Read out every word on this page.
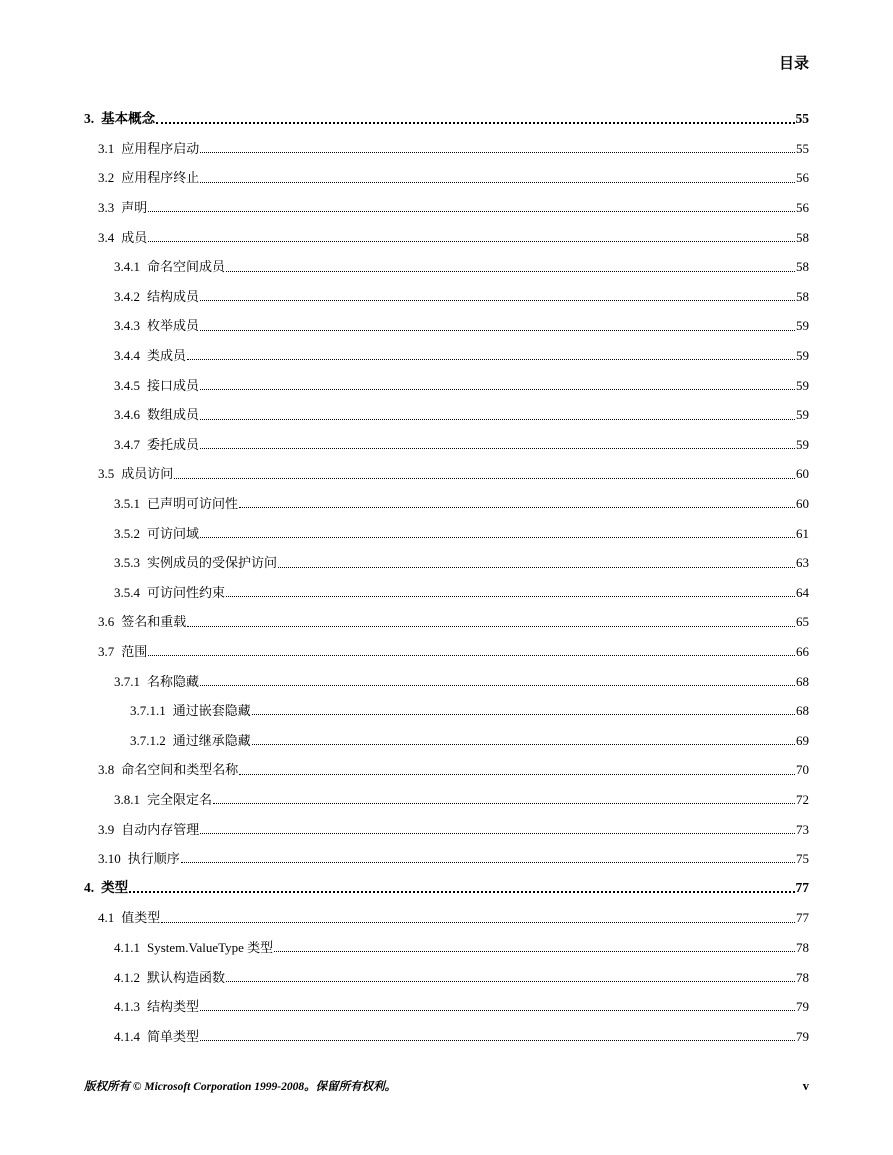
目录
3. 基本概念	55
3.1 应用程序启动	55
3.2 应用程序终止	56
3.3 声明	56
3.4 成员	58
3.4.1 命名空间成员	58
3.4.2 结构成员	58
3.4.3 枚举成员	59
3.4.4 类成员	59
3.4.5 接口成员	59
3.4.6 数组成员	59
3.4.7 委托成员	59
3.5 成员访问	60
3.5.1 已声明可访问性	60
3.5.2 可访问域	61
3.5.3 实例成员的受保护访问	63
3.5.4 可访问性约束	64
3.6 签名和重载	65
3.7 范围	66
3.7.1 名称隐藏	68
3.7.1.1 通过嵌套隐藏	68
3.7.1.2 通过继承隐藏	69
3.8 命名空间和类型名称	70
3.8.1 完全限定名	72
3.9 自动内存管理	73
3.10 执行顺序	75
4. 类型	77
4.1 值类型	77
4.1.1 System.ValueType 类型	78
4.1.2 默认构造函数	78
4.1.3 结构类型	79
4.1.4 简单类型	79
版权所有 © Microsoft Corporation 1999-2008。保留所有权利。	v
